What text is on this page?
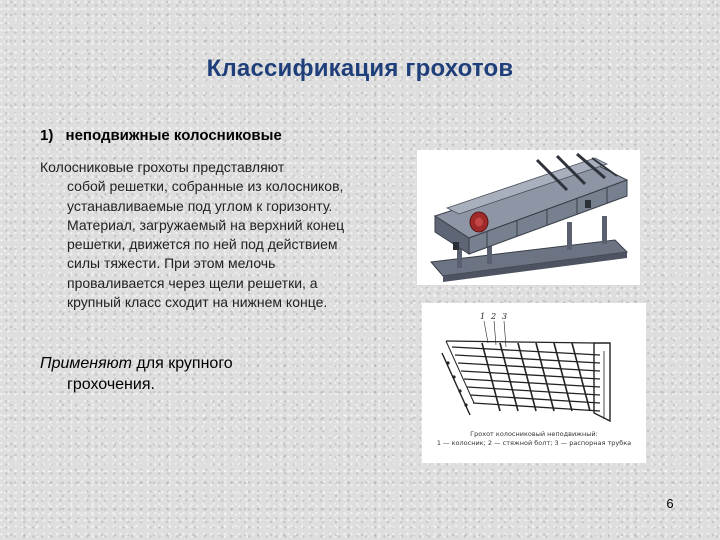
Классификация грохотов
1) неподвижные колосниковые
Колосниковые грохоты представляют
собой решетки, собранные из колосников, устанавливаемые под углом к горизонту. Материал, загружаемый на верхний конец решетки, движется по ней под действием силы тяжести. При этом мелочь проваливается через щели решетки, а крупный класс сходит на нижнем конце.
Применяют для крупного
грохочения.
1 2 3
Грохот колосниковый неподвижный:
1 — колосник; 2 — стяжной болт; 3 — распорная трубка
6
